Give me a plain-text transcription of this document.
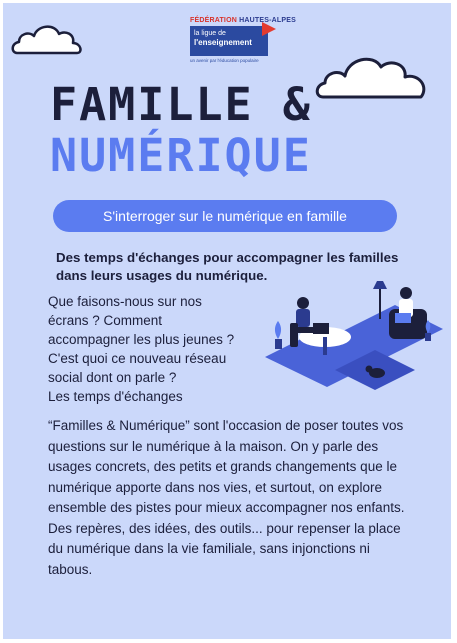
FÉDÉRATION HAUTES-ALPES
la ligue de
l'enseignement
un avenir par l'éducation populaire
FAMILLE &
NUMÉRIQUE
S'interroger sur le numérique en famille
Des temps d'échanges pour accompagner les familles dans leurs usages du numérique.

Que faisons-nous sur nos

écrans ? Comment

accompagner les plus jeunes ?

C'est quoi ce nouveau réseau

social dont on parle ?

Les temps d'échanges

“Familles & Numérique” sont l'occasion de poser toutes vos questions sur le numérique à la maison. On y parle des usages concrets, des petits et grands changements que le numérique apporte dans nos vies, et surtout, on explore ensemble des pistes pour mieux accompagner nos enfants.

Des repères, des idées, des outils... pour repenser la place du numérique dans la vie familiale, sans injonctions ni tabous.
